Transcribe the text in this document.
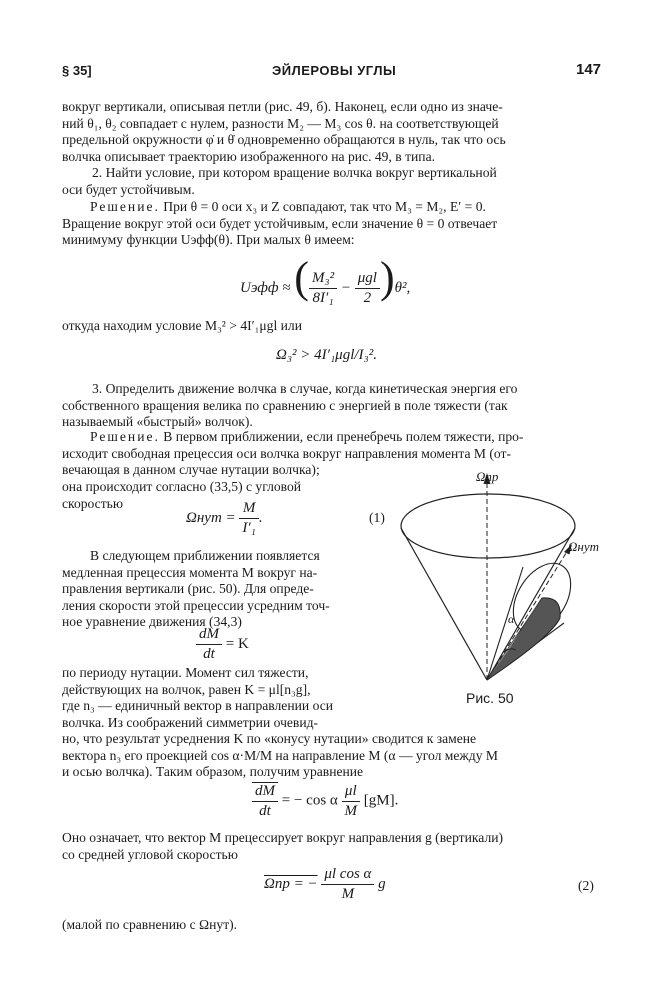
§ 35]	ЭЙЛЕРОВЫ УГЛЫ	147
вокруг вертикали, описывая петли (рис. 49, б). Наконец, если одно из значе-
ний θ₁, θ₂ совпадает с нулем, разности M₂ — M₃ cos θ. на соответствующей
предельной окружности φ̇ и θ̇ одновременно обращаются в нуль, так что ось
волчка описывает траекторию изображенного на рис. 49, в типа.
2. Найти условие, при котором вращение волчка вокруг вертикальной
оси будет устойчивым.
Решение. При θ = 0 оси x₃ и Z совпадают, так что M₃ = M₂, E′ = 0.
Вращение вокруг этой оси будет устойчивым, если значение θ = 0 отвечает
минимуму функции Uэфф(θ). При малых θ имеем:
Uэфф ≈ ( $\frac{\text{M₃²}}{\text{8I′₁}} - \frac{\text{μgl}}{2} )\theta^2$,
откуда находим условие M₃² > 4I′₁μgl или
Ω₃² > 4I′₁μgl/I₃².
3. Определить движение волчка в случае, когда кинетическая энергия его
собственного вращения велика по сравнению с энергией в поле тяжести (так
называемый «быстрый» волчок).
Решение. В первом приближении, если пренебречь полем тяжести, про-
исходит свободная прецессия оси волчка вокруг направления момента M (от-
вечающая в данном случае нутации волчка);
она происходит согласно (33,5) с угловой
скоростью
$\Omega нут = \frac{M}{\text{I′₁}}$ .	(1)
В следующем приближении появляется
медленная прецессия момента M вокруг на-
правления вертикали (рис. 50). Для опреде-
ления скорости этой прецессии усредним точ-
ное уравнение движения (34,3)
$\frac{dM}{dt} = K$
по периоду нутации. Момент сил тяжести,
действующих на волчок, равен K = μl[n₃g],
где n₃ — единичный вектор в направлении оси
волчка. Из соображений симметрии очевид-
но, что результат усреднения K по «конусу нутации» сводится к замене
вектора n₃ его проекцией cos α·M/M на направление M (α — угол между M
и осью волчка). Таким образом, получим уравнение
$\frac{dM}{dt}$ = − cos α $\frac{\mu l}{M} [gM]$.
Оно означает, что вектор M прецессирует вокруг направления g (вертикали)
со средней угловой скоростью
Ωпр = − $\frac{\text{μl cos α}}{M}$ g	(2)
(малой по сравнению с Ωнут).
Ωпр
Ωнут
α
Рис. 50
